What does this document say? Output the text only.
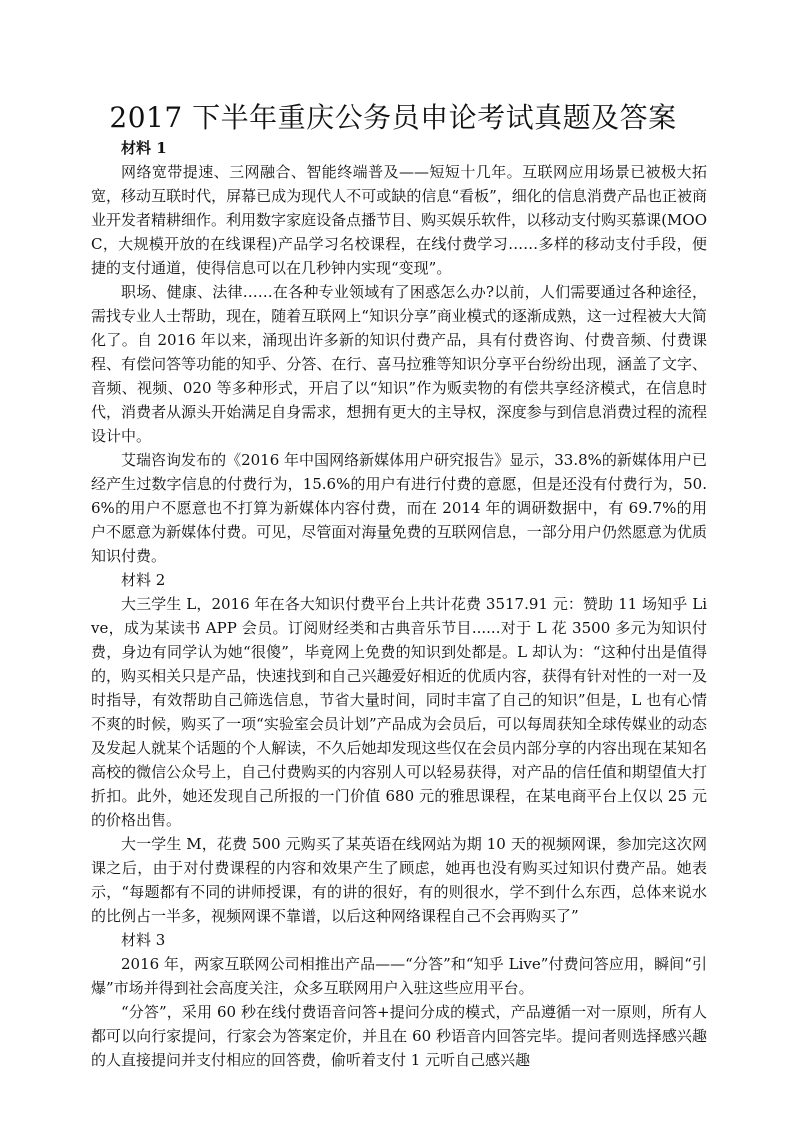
2017 下半年重庆公务员申论考试真题及答案
材料 1

网络宽带提速、三网融合、智能终端普及——短短十几年。互联网应用场景已被极大拓宽，移动互联时代，屏幕已成为现代人不可或缺的信息“看板”，细化的信息消费产品也正被商业开发者精耕细作。利用数字家庭设备点播节目、购买娱乐软件，以移动支付购买慕课(MOOC，大规模开放的在线课程)产品学习名校课程，在线付费学习……多样的移动支付手段，便捷的支付通道，使得信息可以在几秒钟内实现“变现”。

职场、健康、法律……在各种专业领域有了困惑怎么办?以前，人们需要通过各种途径，需找专业人士帮助，现在，随着互联网上“知识分享”商业模式的逐渐成熟，这一过程被大大简化了。自 2016 年以来，涌现出许多新的知识付费产品，具有付费咨询、付费音频、付费课程、有偿问答等功能的知乎、分答、在行、喜马拉雅等知识分享平台纷纷出现，涵盖了文字、音频、视频、020 等多种形式，开启了以“知识”作为贩卖物的有偿共享经济模式，在信息时代，消费者从源头开始满足自身需求，想拥有更大的主导权，深度参与到信息消费过程的流程设计中。

艾瑞咨询发布的《2016 年中国网络新媒体用户研究报告》显示，33.8%的新媒体用户已经产生过数字信息的付费行为，15.6%的用户有进行付费的意愿，但是还没有付费行为，50.6%的用户不愿意也不打算为新媒体内容付费，而在 2014 年的调研数据中，有 69.7%的用户不愿意为新媒体付费。可见，尽管面对海量免费的互联网信息，一部分用户仍然愿意为优质知识付费。

材料 2

大三学生 L，2016 年在各大知识付费平台上共计花费 3517.91 元：赞助 11 场知乎 Live，成为某读书 APP 会员。订阅财经类和古典音乐节目......对于 L 花 3500 多元为知识付费，身边有同学认为她“很傻”，毕竟网上免费的知识到处都是。L 却认为：“这种付出是值得的，购买相关只是产品，快速找到和自己兴趣爱好相近的优质内容，获得有针对性的一对一及时指导，有效帮助自己筛选信息，节省大量时间，同时丰富了自己的知识”但是，L 也有心情不爽的时候，购买了一项“实验室会员计划”产品成为会员后，可以每周获知全球传媒业的动态及发起人就某个话题的个人解读，不久后她却发现这些仅在会员内部分享的内容出现在某知名高校的微信公众号上，自己付费购买的内容别人可以轻易获得，对产品的信任值和期望值大打折扣。此外，她还发现自己所报的一门价值 680 元的雅思课程，在某电商平台上仅以 25 元的价格出售。

大一学生 M，花费 500 元购买了某英语在线网站为期 10 天的视频网课，参加完这次网课之后，由于对付费课程的内容和效果产生了顾虑，她再也没有购买过知识付费产品。她表示，“每题都有不同的讲师授课，有的讲的很好，有的则很水，学不到什么东西，总体来说水的比例占一半多，视频网课不靠谱，以后这种网络课程自己不会再购买了”

材料 3

2016 年，两家互联网公司相推出产品——“分答”和“知乎 Live”付费问答应用，瞬间“引爆”市场并得到社会高度关注，众多互联网用户入驻这些应用平台。

“分答”，采用 60 秒在线付费语音问答+提问分成的模式，产品遵循一对一原则，所有人都可以向行家提问，行家会为答案定价，并且在 60 秒语音内回答完毕。提问者则选择感兴趣的人直接提问并支付相应的回答费，偷听着支付 1 元听自己感兴趣
